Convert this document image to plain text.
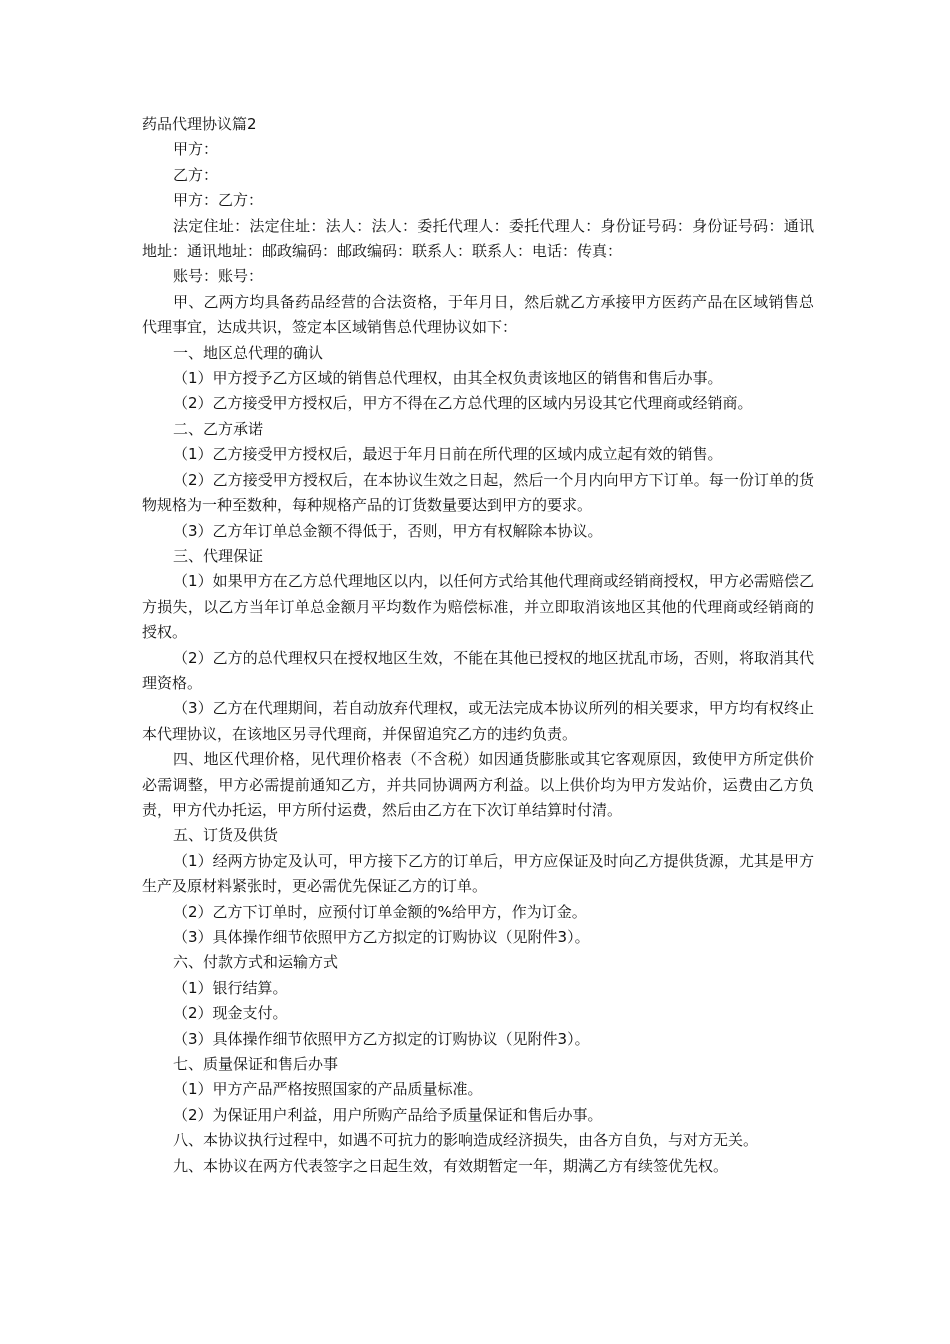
药品代理协议篇2

甲方：

乙方：

甲方：乙方：

法定住址：法定住址：法人：法人：委托代理人：委托代理人：身份证号码：身份证号码：通讯地址：通讯地址：邮政编码：邮政编码：联系人：联系人：电话：传真：

账号：账号：

甲、乙两方均具备药品经营的合法资格，于年月日，然后就乙方承接甲方医药产品在区域销售总代理事宜，达成共识，签定本区域销售总代理协议如下：

一、地区总代理的确认

（1）甲方授予乙方区域的销售总代理权，由其全权负责该地区的销售和售后办事。

（2）乙方接受甲方授权后，甲方不得在乙方总代理的区域内另设其它代理商或经销商。

二、乙方承诺

（1）乙方接受甲方授权后，最迟于年月日前在所代理的区域内成立起有效的销售。

（2）乙方接受甲方授权后，在本协议生效之日起，然后一个月内向甲方下订单。每一份订单的货物规格为一种至数种，每种规格产品的订货数量要达到甲方的要求。

（3）乙方年订单总金额不得低于，否则，甲方有权解除本协议。

三、代理保证

（1）如果甲方在乙方总代理地区以内，以任何方式给其他代理商或经销商授权，甲方必需赔偿乙方损失，以乙方当年订单总金额月平均数作为赔偿标准，并立即取消该地区其他的代理商或经销商的授权。

（2）乙方的总代理权只在授权地区生效，不能在其他已授权的地区扰乱市场，否则，将取消其代理资格。

（3）乙方在代理期间，若自动放弃代理权，或无法完成本协议所列的相关要求，甲方均有权终止本代理协议，在该地区另寻代理商，并保留追究乙方的违约负责。

四、地区代理价格，见代理价格表（不含税）如因通货膨胀或其它客观原因，致使甲方所定供价必需调整，甲方必需提前通知乙方，并共同协调两方利益。以上供价均为甲方发站价，运费由乙方负责，甲方代办托运，甲方所付运费，然后由乙方在下次订单结算时付清。

五、订货及供货

（1）经两方协定及认可，甲方接下乙方的订单后，甲方应保证及时向乙方提供货源，尤其是甲方生产及原材料紧张时，更必需优先保证乙方的订单。

（2）乙方下订单时，应预付订单金额的%给甲方，作为订金。

（3）具体操作细节依照甲方乙方拟定的订购协议（见附件3）。

六、付款方式和运输方式

（1）银行结算。

（2）现金支付。

（3）具体操作细节依照甲方乙方拟定的订购协议（见附件3）。

七、质量保证和售后办事

（1）甲方产品严格按照国家的产品质量标准。

（2）为保证用户利益，用户所购产品给予质量保证和售后办事。

八、本协议执行过程中，如遇不可抗力的影响造成经济损失，由各方自负，与对方无关。

九、本协议在两方代表签字之日起生效，有效期暂定一年，期满乙方有续签优先权。
